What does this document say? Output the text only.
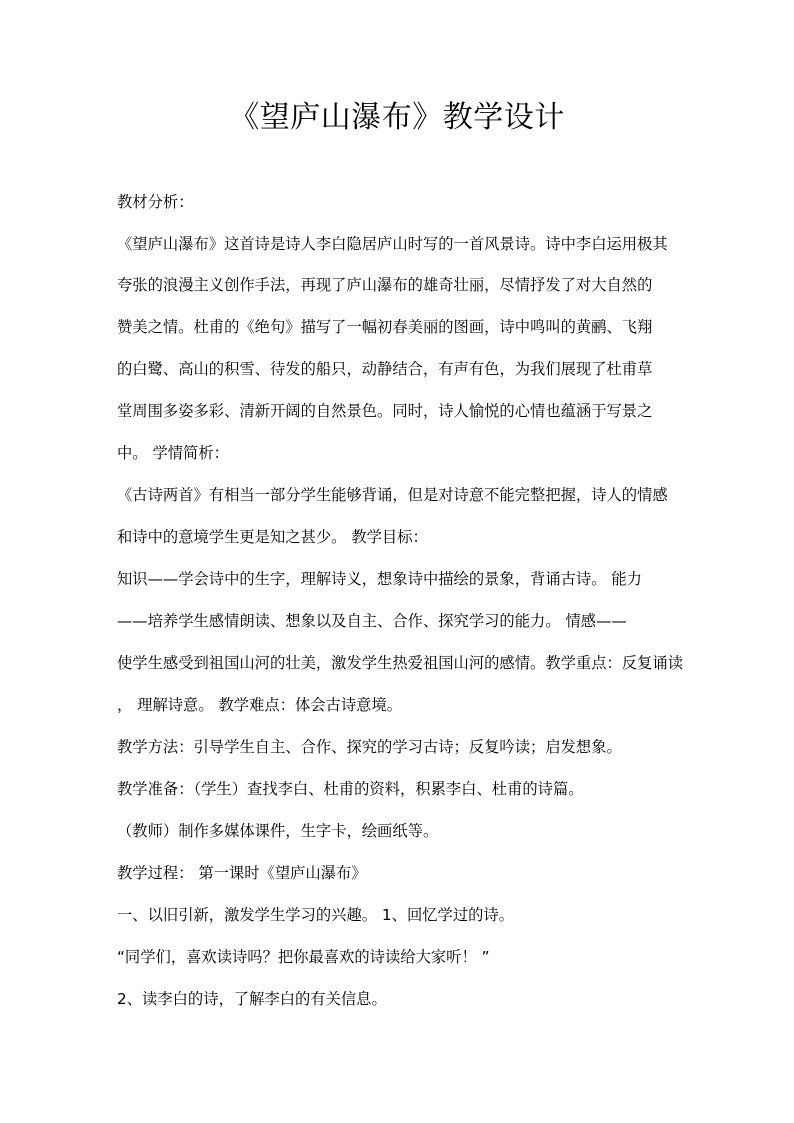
《望庐山瀑布》教学设计

教材分析：

《望庐山瀑布》这首诗是诗人李白隐居庐山时写的一首风景诗。诗中李白运用极其

夸张的浪漫主义创作手法，再现了庐山瀑布的雄奇壮丽，尽情抒发了对大自然的

赞美之情。杜甫的《绝句》描写了一幅初春美丽的图画，诗中鸣叫的黄鹂、飞翔

的白鹭、高山的积雪、待发的船只，动静结合，有声有色，为我们展现了杜甫草

堂周围多姿多彩、清新开阔的自然景色。同时，诗人愉悦的心情也蕴涵于写景之

中。 学情简析：

《古诗两首》有相当一部分学生能够背诵，但是对诗意不能完整把握，诗人的情感

和诗中的意境学生更是知之甚少。 教学目标：

知识——学会诗中的生字，理解诗义，想象诗中描绘的景象，背诵古诗。 能力

——培养学生感情朗读、想象以及自主、合作、探究学习的能力。 情感——

使学生感受到祖国山河的壮美，激发学生热爱祖国山河的感情。教学重点：反复诵读

， 理解诗意。 教学难点：体会古诗意境。

教学方法：引导学生自主、合作、探究的学习古诗；反复吟读；启发想象。

教学准备：（学生）查找李白、杜甫的资料，积累李白、杜甫的诗篇。

（教师）制作多媒体课件，生字卡，绘画纸等。

教学过程： 第一课时《望庐山瀑布》

一、以旧引新，激发学生学习的兴趣。 1、回忆学过的诗。

“同学们，喜欢读诗吗？把你最喜欢的诗读给大家听！ ”

2、读李白的诗，了解李白的有关信息。
